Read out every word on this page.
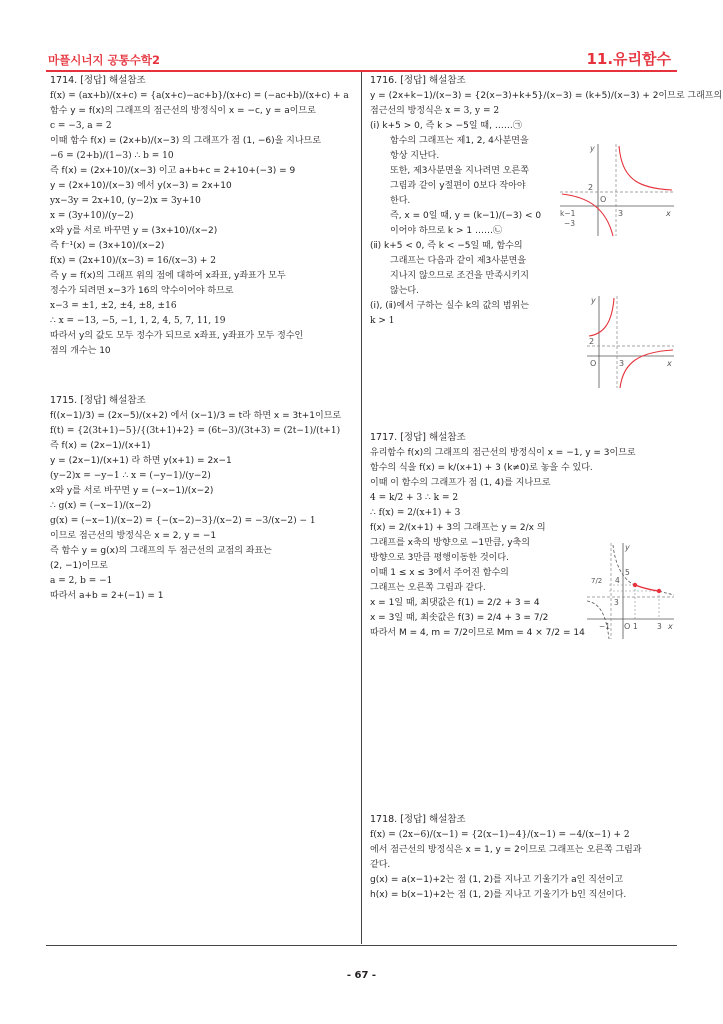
마플시너지 공통수학2	11.유리함수
1714. [정답] 해설참조
f(x) = (ax+b)/(x+c) = {a(x+c)−ac+b}/(x+c) = (−ac+b)/(x+c) + a
함수 y = f(x)의 그래프의 점근선의 방정식이 x = −c, y = a이므로
c = −3, a = 2
이때 함수 f(x) = (2x+b)/(x−3) 의 그래프가 점 (1, −6)을 지나므로
−6 = (2+b)/(1−3) ∴ b = 10
즉 f(x) = (2x+10)/(x−3) 이고 a+b+c = 2+10+(−3) = 9
y = (2x+10)/(x−3) 에서 y(x−3) = 2x+10
yx−3y = 2x+10, (y−2)x = 3y+10
x = (3y+10)/(y−2)
x와 y를 서로 바꾸면 y = (3x+10)/(x−2)
즉 f⁻¹(x) = (3x+10)/(x−2)
f(x) = (2x+10)/(x−3) = 16/(x−3) + 2
즉 y = f(x)의 그래프 위의 점에 대하여 x좌표, y좌표가 모두
정수가 되려면 x−3가 16의 약수이어야 하므로
x−3 = ±1, ±2, ±4, ±8, ±16
∴ x = −13, −5, −1, 1, 2, 4, 5, 7, 11, 19
따라서 y의 값도 모두 정수가 되므로 x좌표, y좌표가 모두 정수인
점의 개수는 10
1715. [정답] 해설참조
f((x−1)/3) = (2x−5)/(x+2) 에서 (x−1)/3 = t라 하면 x = 3t+1이므로
f(t) = {2(3t+1)−5}/{(3t+1)+2} = (6t−3)/(3t+3) = (2t−1)/(t+1)
즉 f(x) = (2x−1)/(x+1)
y = (2x−1)/(x+1) 라 하면 y(x+1) = 2x−1
(y−2)x = −y−1 ∴ x = (−y−1)/(y−2)
x와 y를 서로 바꾸면 y = (−x−1)/(x−2)
∴ g(x) = (−x−1)/(x−2)
g(x) = (−x−1)/(x−2) = {−(x−2)−3}/(x−2) = −3/(x−2) − 1
이므로 점근선의 방정식은 x = 2, y = −1
즉 함수 y = g(x)의 그래프의 두 점근선의 교점의 좌표는
(2, −1)이므로
a = 2, b = −1
따라서 a+b = 2+(−1) = 1
1716. [정답] 해설참조
y = (2x+k−1)/(x−3) = {2(x−3)+k+5}/(x−3) = (k+5)/(x−3) + 2이므로 그래프의
점근선의 방정식은 x = 3, y = 2
(ⅰ) k+5 > 0, 즉 k > −5일 때, ……㉠
함수의 그래프는 제1, 2, 4사분면을
항상 지난다.
또한, 제3사분면을 지나려면 오른쪽
그림과 같이 y절편이 0보다 작아야
한다.
즉, x = 0일 때, y = (k−1)/(−3) < 0
이어야 하므로 k > 1 ……㉡
(ⅱ) k+5 < 0, 즉 k < −5일 때, 함수의
그래프는 다음과 같이 제3사분면을
지나지 않으므로 조건을 만족시키지
않는다.
(ⅰ), (ⅱ)에서 구하는 실수 k의 값의 범위는
k > 1
y
x
O
2
3
k−1
−3
y
x
O
2
3
1717. [정답] 해설참조
유리함수 f(x)의 그래프의 점근선의 방정식이 x = −1, y = 3이므로
함수의 식을 f(x) = k/(x+1) + 3 (k≠0)로 놓을 수 있다.
이때 이 함수의 그래프가 점 (1, 4)를 지나므로
4 = k/2 + 3 ∴ k = 2
∴ f(x) = 2/(x+1) + 3
f(x) = 2/(x+1) + 3의 그래프는 y = 2/x 의
그래프를 x축의 방향으로 −1만큼, y축의
방향으로 3만큼 평행이동한 것이다.
이때 1 ≤ x ≤ 3에서 주어진 함수의
그래프는 오른쪽 그림과 같다.
x = 1일 때, 최댓값은 f(1) = 2/2 + 3 = 4
x = 3일 때, 최솟값은 f(3) = 2/4 + 3 = 7/2
따라서 M = 4, m = 7/2이므로 Mm = 4 × 7/2 = 14
y
x
O
7/2 4
5
3
−1	1	3
1718. [정답] 해설참조
f(x) = (2x−6)/(x−1) = {2(x−1)−4}/(x−1) = −4/(x−1) + 2
에서 점근선의 방정식은 x = 1, y = 2이므로 그래프는 오른쪽 그림과
같다.
g(x) = a(x−1)+2는 점 (1, 2)를 지나고 기울기가 a인 직선이고
h(x) = b(x−1)+2는 점 (1, 2)를 지나고 기울기가 b인 직선이다.
- 67 -
